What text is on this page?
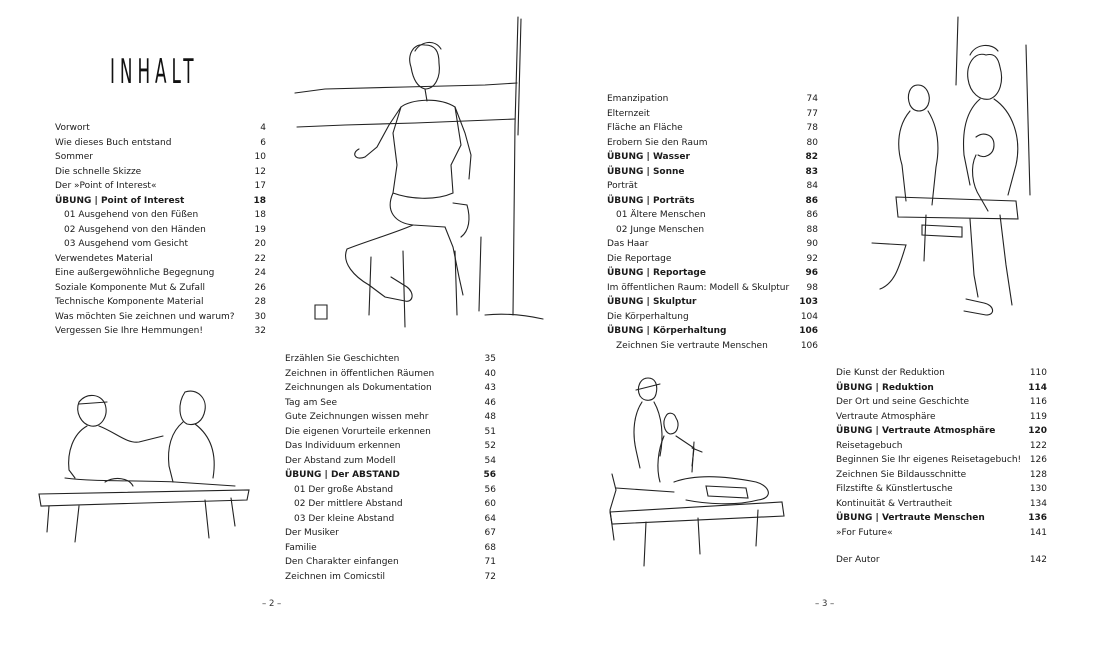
INHALT
Vorwort	4
Wie dieses Buch entstand	6
Sommer	10
Die schnelle Skizze	12
Der »Point of Interest«	17
ÜBUNG | Point of Interest	18
01 Ausgehend von den Füßen	18
02 Ausgehend von den Händen	19
03 Ausgehend vom Gesicht	20
Verwendetes Material	22
Eine außergewöhnliche Begegnung	24
Soziale Komponente Mut & Zufall	26
Technische Komponente Material	28
Was möchten Sie zeichnen und warum? 30
Vergessen Sie Ihre Hemmungen!	32
Erzählen Sie Geschichten	35
Zeichnen in öffentlichen Räumen	40
Zeichnungen als Dokumentation	43
Tag am See	46
Gute Zeichnungen wissen mehr	48
Die eigenen Vorurteile erkennen	51
Das Individuum erkennen	52
Der Abstand zum Modell	54
ÜBUNG | Der ABSTAND	56
01 Der große Abstand	56
02 Der mittlere Abstand	60
03 Der kleine Abstand	64
Der Musiker	67
Familie	68
Den Charakter einfangen	71
Zeichnen im Comicstil	72
– 2 –
Emanzipation	74
Elternzeit	77
Fläche an Fläche	78
Erobern Sie den Raum	80
ÜBUNG | Wasser	82
ÜBUNG | Sonne	83
Porträt	84
ÜBUNG | Porträts	86
01 Ältere Menschen	86
02 Junge Menschen	88
Das Haar	90
Die Reportage	92
ÜBUNG | Reportage	96
Im öffentlichen Raum: Modell & Skulptur 98
ÜBUNG | Skulptur	103
Die Körperhaltung	104
ÜBUNG | Körperhaltung	106
Zeichnen Sie vertraute Menschen	106
Die Kunst der Reduktion	110
ÜBUNG | Reduktion	114
Der Ort und seine Geschichte	116
Vertraute Atmosphäre	119
ÜBUNG | Vertraute Atmosphäre	120
Reisetagebuch	122
Beginnen Sie Ihr eigenes Reisetagebuch! 126
Zeichnen Sie Bildausschnitte	128
Filzstifte & Künstlertusche	130
Kontinuität & Vertrautheit	134
ÜBUNG | Vertraute Menschen	136
»For Future«	141
Der Autor	142
– 3 –
